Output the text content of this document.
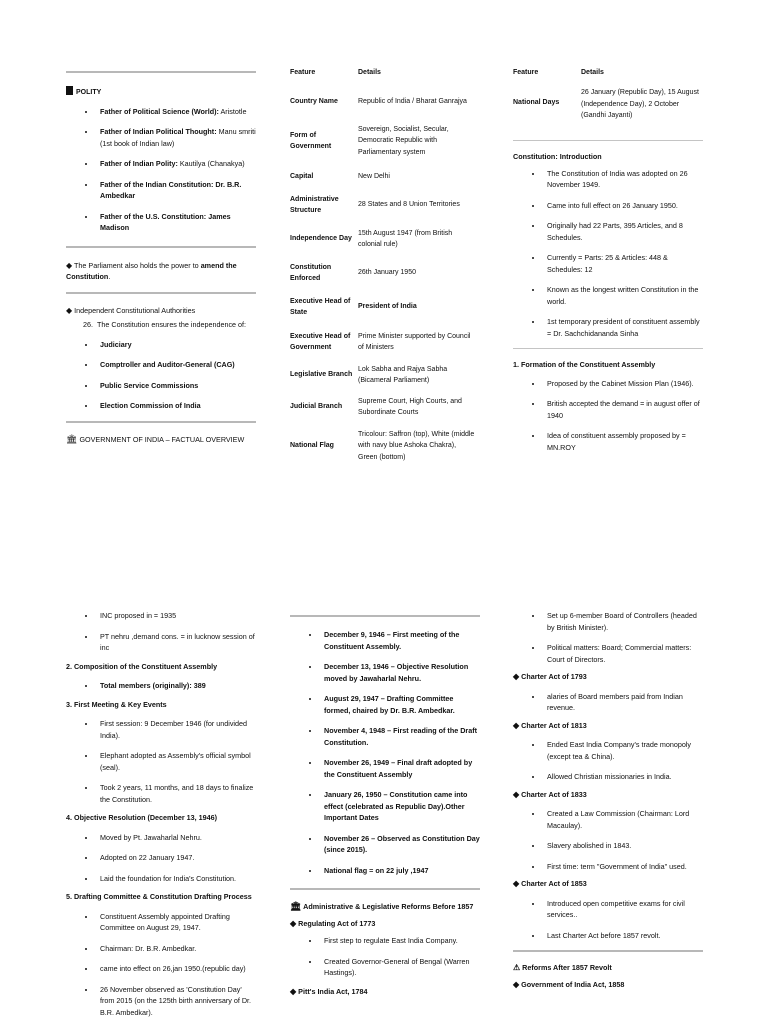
POLITY
• Father of Political Science (World): Aristotle
• Father of Indian Political Thought: Manu smriti (1st book of Indian law)
• Father of Indian Polity: Kautilya (Chanakya)
• Father of the Indian Constitution: Dr. B.R. Ambedkar
• Father of the U.S. Constitution: James Madison
◆ The Parliament also holds the power to amend the Constitution.
◆ Independent Constitutional Authorities
26. The Constitution ensures the independence of:
• Judiciary
• Comptroller and Auditor-General (CAG)
• Public Service Commissions
• Election Commission of India
🏛 GOVERNMENT OF INDIA – FACTUAL OVERVIEW
Feature	Details
Country Name	Republic of India / Bharat Ganrajya
Form of Government	Sovereign, Socialist, Secular, Democratic Republic with Parliamentary system
Capital	New Delhi
Administrative Structure	28 States and 8 Union Territories
Independence Day	15th August 1947 (from British colonial rule)
Constitution Enforced	26th January 1950
Executive Head of State	President of India
Executive Head of Government	Prime Minister supported by Council of Ministers
Legislative Branch	Lok Sabha and Rajya Sabha (Bicameral Parliament)
Judicial Branch	Supreme Court, High Courts, and Subordinate Courts
National Flag	Tricolour: Saffron (top), White (middle with navy blue Ashoka Chakra), Green (bottom)
Feature	Details
National Days	26 January (Republic Day), 15 August (Independence Day), 2 October (Gandhi Jayanti)
Constitution: Introduction
• The Constitution of India was adopted on 26 November 1949.
• Came into full effect on 26 January 1950.
• Originally had 22 Parts, 395 Articles, and 8 Schedules.
• Currently = Parts: 25 & Articles: 448 & Schedules: 12
• Known as the longest written Constitution in the world.
• 1st temporary president of constituent assembly = Dr. Sachchidananda Sinha
1. Formation of the Constituent Assembly
• Proposed by the Cabinet Mission Plan (1946).
• British accepted the demand = in august offer of 1940
• Idea of constituent assembly proposed by = MN.ROY
• INC proposed in = 1935
• PT nehru ,demand cons. = in lucknow session of inc
2. Composition of the Constituent Assembly
• Total members (originally): 389
3. First Meeting & Key Events
• First session: 9 December 1946 (for undivided India).
• Elephant adopted as Assembly's official symbol (seal).
• Took 2 years, 11 months, and 18 days to finalize the Constitution.
4. Objective Resolution (December 13, 1946)
• Moved by Pt. Jawaharlal Nehru.
• Adopted on 22 January 1947.
• Laid the foundation for India's Constitution.
5. Drafting Committee & Constitution Drafting Process
• Constituent Assembly appointed Drafting Committee on August 29, 1947.
• Chairman: Dr. B.R. Ambedkar.
• came into effect on 26,jan 1950.(republic day)
• 26 November observed as 'Constitution Day' from 2015 (on the 125th birth anniversary of Dr. B.R. Ambedkar).
• December 9, 1946 – First meeting of the Constituent Assembly.
• December 13, 1946 – Objective Resolution moved by Jawaharlal Nehru.
• August 29, 1947 – Drafting Committee formed, chaired by Dr. B.R. Ambedkar.
• November 4, 1948 – First reading of the Draft Constitution.
• November 26, 1949 – Final draft adopted by the Constituent Assembly
• January 26, 1950 – Constitution came into effect (celebrated as Republic Day).Other Important Dates
• November 26 – Observed as Constitution Day (since 2015).
• National flag = on 22 july ,1947
🏛 Administrative & Legislative Reforms Before 1857
◆ Regulating Act of 1773
• First step to regulate East India Company.
• Created Governor-General of Bengal (Warren Hastings).
◆ Pitt's India Act, 1784
• Set up 6-member Board of Controllers (headed by British Minister).
• Political matters: Board; Commercial matters: Court of Directors.
◆ Charter Act of 1793
• alaries of Board members paid from Indian revenue.
◆ Charter Act of 1813
• Ended East India Company's trade monopoly (except tea & China).
• Allowed Christian missionaries in India.
◆ Charter Act of 1833
• Created a Law Commission (Chairman: Lord Macaulay).
• Slavery abolished in 1843.
• First time: term "Government of India" used.
◆ Charter Act of 1853
• Introduced open competitive exams for civil services..
• Last Charter Act before 1857 revolt.
⚠ Reforms After 1857 Revolt
◆ Government of India Act, 1858
